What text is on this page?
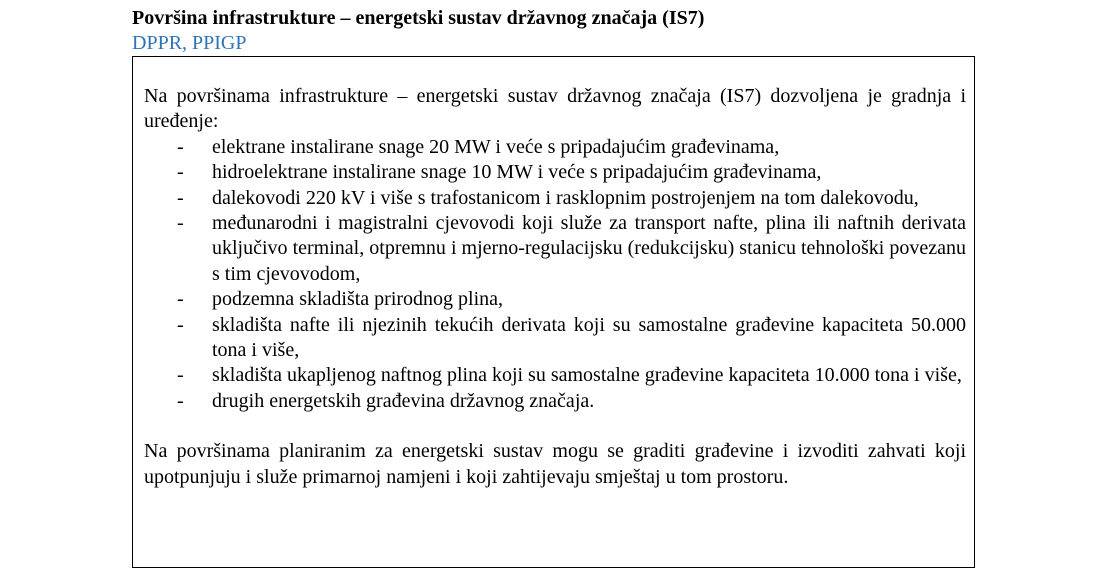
Površina infrastrukture – energetski sustav državnog značaja (IS7)
DPPR, PPIGP

Na površinama infrastrukture – energetski sustav državnog značaja (IS7) dozvoljena je gradnja i uređenje:

- elektrane instalirane snage 20 MW i veće s pripadajućim građevinama,
- hidroelektrane instalirane snage 10 MW i veće s pripadajućim građevinama,
- dalekovodi 220 kV i više s trafostanicom i rasklopnim postrojenjem na tom dalekovodu,
- međunarodni i magistralni cjevovodi koji služe za transport nafte, plina ili naftnih derivata uključivo terminal, otpremnu i mjerno-regulacijsku (redukcijsku) stanicu tehnološki povezanu s tim cjevovodom,
- podzemna skladišta prirodnog plina,
- skladišta nafte ili njezinih tekućih derivata koji su samostalne građevine kapaciteta 50.000 tona i više,
- skladišta ukapljenog naftnog plina koji su samostalne građevine kapaciteta 10.000 tona i više,
- drugih energetskih građevina državnog značaja.

Na površinama planiranim za energetski sustav mogu se graditi građevine i izvoditi zahvati koji upotpunjuju i služe primarnoj namjeni i koji zahtijevaju smještaj u tom prostoru.
